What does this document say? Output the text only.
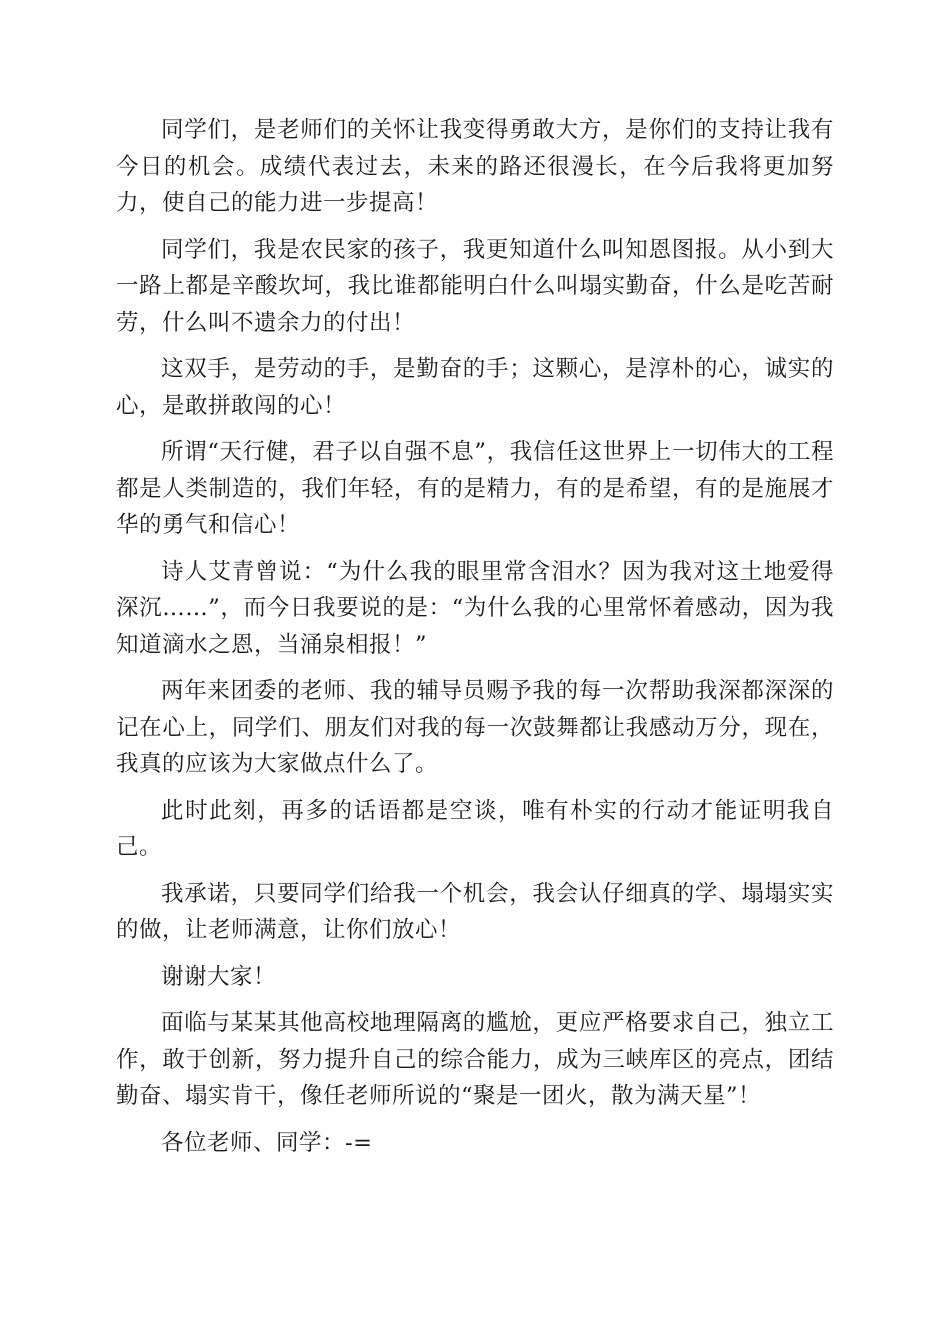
同学们，是老师们的关怀让我变得勇敢大方，是你们的支持让我有今日的机会。成绩代表过去，未来的路还很漫长，在今后我将更加努力，使自己的能力进一步提高！

同学们，我是农民家的孩子，我更知道什么叫知恩图报。从小到大一路上都是辛酸坎坷，我比谁都能明白什么叫塌实勤奋，什么是吃苦耐劳，什么叫不遗余力的付出！

这双手，是劳动的手，是勤奋的手；这颗心，是淳朴的心，诚实的心，是敢拼敢闯的心！

所谓“天行健，君子以自强不息”，我信任这世界上一切伟大的工程都是人类制造的，我们年轻，有的是精力，有的是希望，有的是施展才华的勇气和信心！

诗人艾青曾说：“为什么我的眼里常含泪水？因为我对这土地爱得深沉……”，而今日我要说的是：“为什么我的心里常怀着感动，因为我知道滴水之恩，当涌泉相报！”

两年来团委的老师、我的辅导员赐予我的每一次帮助我深都深深的记在心上，同学们、朋友们对我的每一次鼓舞都让我感动万分，现在，我真的应该为大家做点什么了。

此时此刻，再多的话语都是空谈，唯有朴实的行动才能证明我自己。

我承诺，只要同学们给我一个机会，我会认仔细真的学、塌塌实实的做，让老师满意，让你们放心！

谢谢大家！

面临与某某其他高校地理隔离的尴尬，更应严格要求自己，独立工作，敢于创新，努力提升自己的综合能力，成为三峡库区的亮点，团结勤奋、塌实肯干，像任老师所说的“聚是一团火，散为满天星”！

各位老师、同学：-=
